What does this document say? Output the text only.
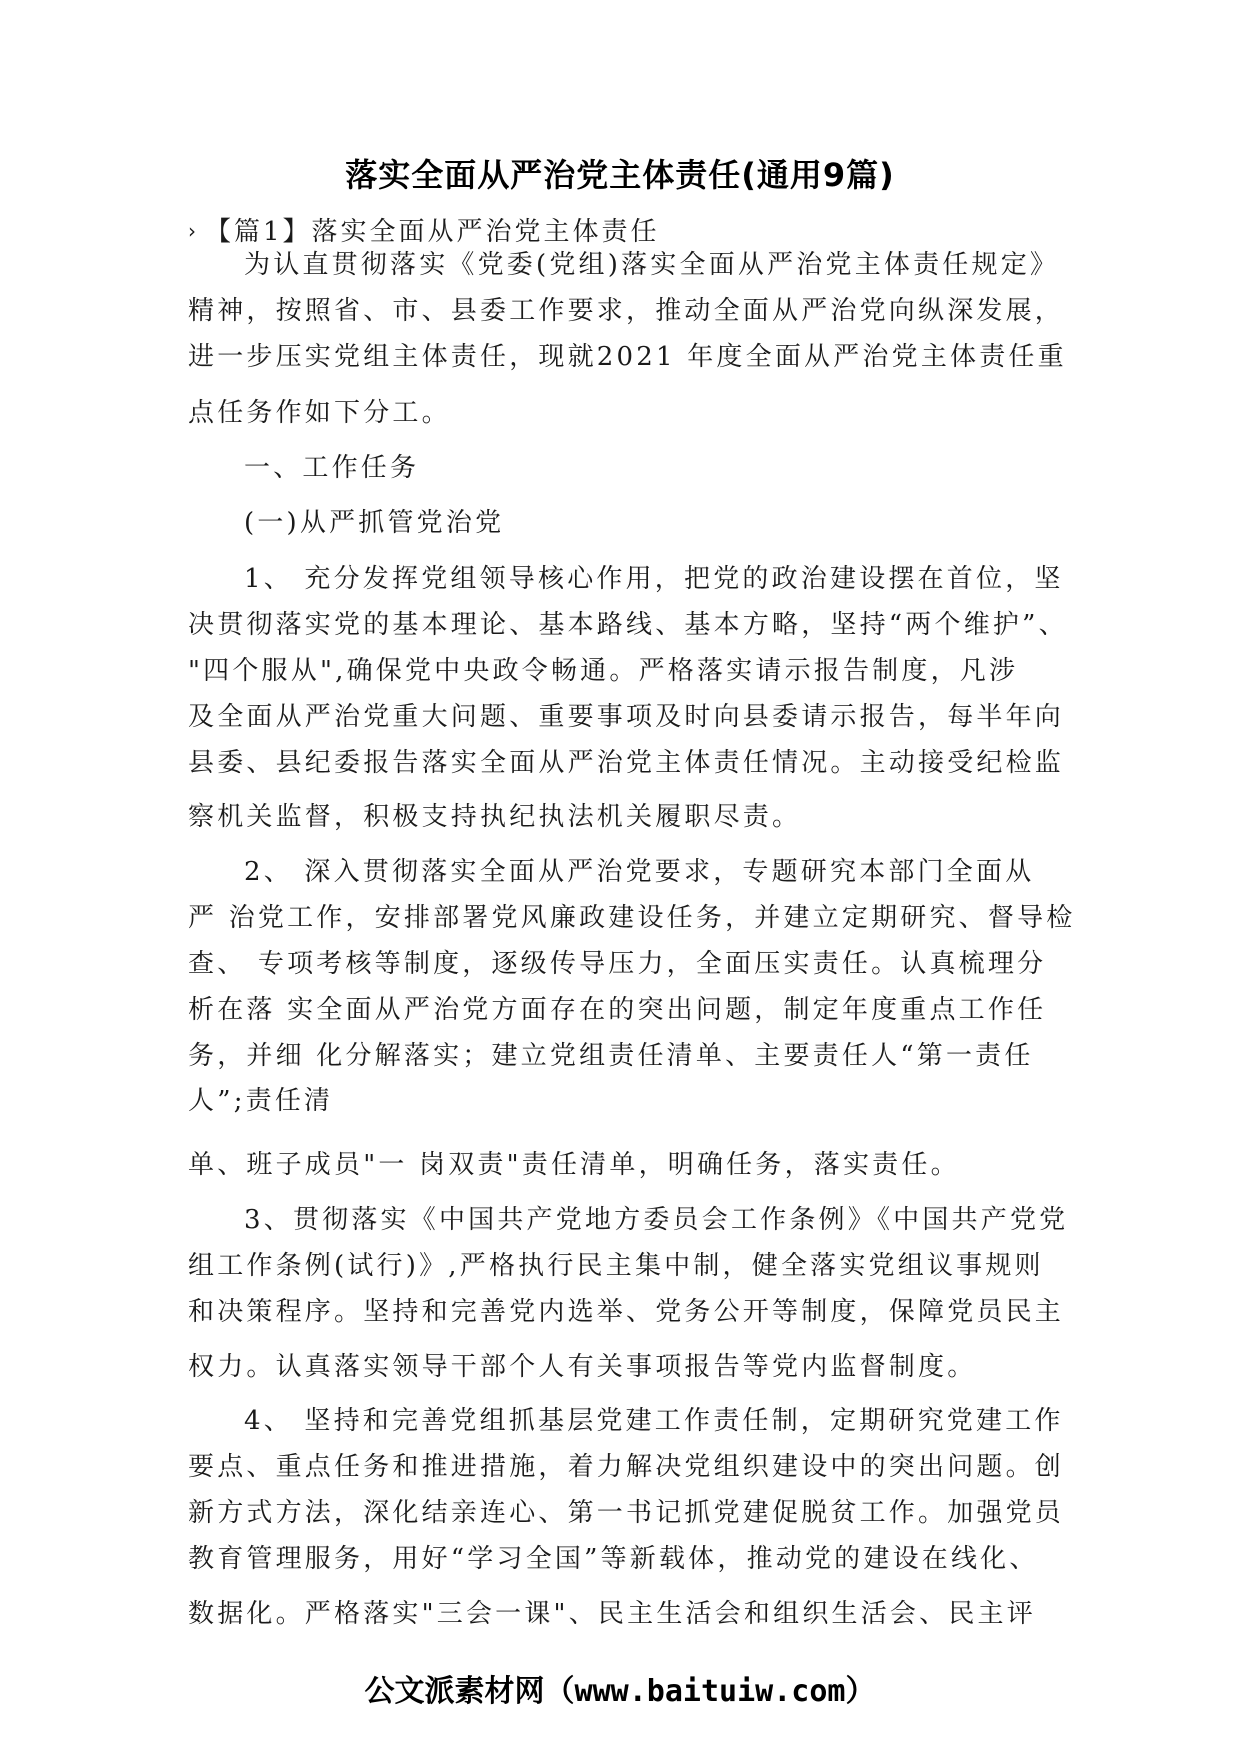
落实全面从严治党主体责任(通用9篇)
› 【篇1】落实全面从严治党主体责任
为认直贯彻落实《党委(党组)落实全面从严治党主体责任规定》
精神，按照省、市、县委工作要求，推动全面从严治党向纵深发展，
进一步压实党组主体责任，现就2021 年度全面从严治党主体责任重
点任务作如下分工。
一、工作任务
(一)从严抓管党治党
1、 充分发挥党组领导核心作用，把党的政治建设摆在首位，坚
决贯彻落实党的基本理论、基本路线、基本方略，坚持“两个维护”、
"四个服从",确保党中央政令畅通。严格落实请示报告制度，凡涉
及全面从严治党重大问题、重要事项及时向县委请示报告，每半年向
县委、县纪委报告落实全面从严治党主体责任情况。主动接受纪检监
察机关监督，积极支持执纪执法机关履职尽责。
2、 深入贯彻落实全面从严治党要求，专题研究本部门全面从
严 治党工作，安排部署党风廉政建设任务，并建立定期研究、督导检
查、 专项考核等制度，逐级传导压力，全面压实责任。认真梳理分
析在落 实全面从严治党方面存在的突出问题，制定年度重点工作任
务，并细 化分解落实；建立党组责任清单、主要责任人“第一责任
人”;责任清
单、班子成员"一 岗双责"责任清单，明确任务，落实责任。
3、贯彻落实《中国共产党地方委员会工作条例》《中国共产党党
组工作条例(试行)》,严格执行民主集中制，健全落实党组议事规则
和决策程序。坚持和完善党内选举、党务公开等制度，保障党员民主
权力。认真落实领导干部个人有关事项报告等党内监督制度。
4、 坚持和完善党组抓基层党建工作责任制，定期研究党建工作
要点、重点任务和推进措施，着力解决党组织建设中的突出问题。创
新方式方法，深化结亲连心、第一书记抓党建促脱贫工作。加强党员
教育管理服务，用好“学习全国”等新载体，推动党的建设在线化、
数据化。严格落实"三会一课"、民主生活会和组织生活会、民主评
公文派素材网（www.baituiw.com）
